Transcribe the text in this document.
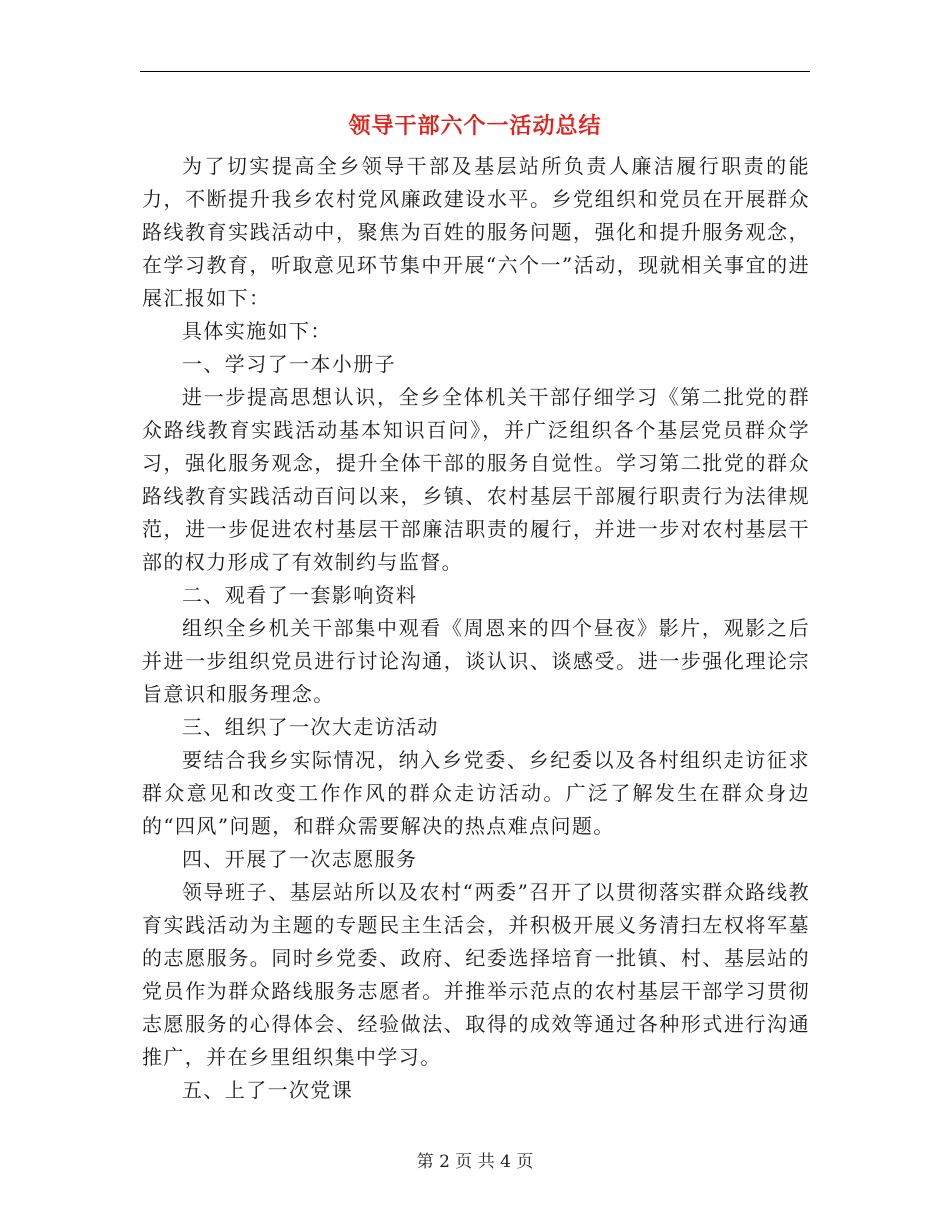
领导干部六个一活动总结

为了切实提高全乡领导干部及基层站所负责人廉洁履行职责的能力，不断提升我乡农村党风廉政建设水平。乡党组织和党员在开展群众路线教育实践活动中，聚焦为百姓的服务问题，强化和提升服务观念，在学习教育，听取意见环节集中开展“六个一”活动，现就相关事宜的进展汇报如下：

具体实施如下：

一、学习了一本小册子

进一步提高思想认识，全乡全体机关干部仔细学习《第二批党的群众路线教育实践活动基本知识百问》，并广泛组织各个基层党员群众学习，强化服务观念，提升全体干部的服务自觉性。学习第二批党的群众路线教育实践活动百问以来，乡镇、农村基层干部履行职责行为法律规范，进一步促进农村基层干部廉洁职责的履行，并进一步对农村基层干部的权力形成了有效制约与监督。

二、观看了一套影响资料

组织全乡机关干部集中观看《周恩来的四个昼夜》影片，观影之后并进一步组织党员进行讨论沟通，谈认识、谈感受。进一步强化理论宗旨意识和服务理念。

三、组织了一次大走访活动

要结合我乡实际情况，纳入乡党委、乡纪委以及各村组织走访征求群众意见和改变工作作风的群众走访活动。广泛了解发生在群众身边的“四风”问题，和群众需要解决的热点难点问题。

四、开展了一次志愿服务

领导班子、基层站所以及农村“两委”召开了以贯彻落实群众路线教育实践活动为主题的专题民主生活会，并积极开展义务清扫左权将军墓的志愿服务。同时乡党委、政府、纪委选择培育一批镇、村、基层站的党员作为群众路线服务志愿者。并推举示范点的农村基层干部学习贯彻志愿服务的心得体会、经验做法、取得的成效等通过各种形式进行沟通推广，并在乡里组织集中学习。

五、上了一次党课

第 2 页 共 4 页
